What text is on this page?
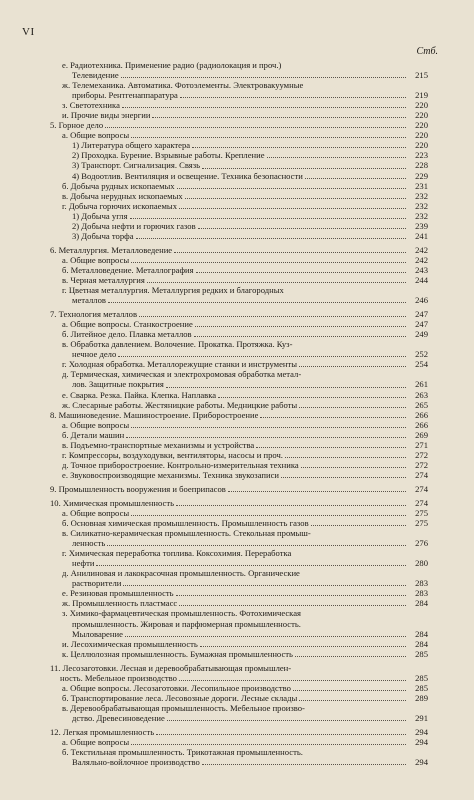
VI
Стб.
е. Радиотехника. Применение радио (радиолокация и проч.)
Телевидение	215
ж. Телемеханика. Автоматика. Фотоэлементы. Электровакуумные
приборы. Рентгенаппаратура	219
з. Светотехника	220
и. Прочие виды энергии	220
5. Горное дело	220
а. Общие вопросы	220
1) Литература общего характера	220
2) Проходка. Бурение. Взрывные работы. Крепление	223
3) Транспорт. Сигнализация. Связь	228
4) Водоотлив. Вентиляция и освещение. Техника безопасности	229
б. Добыча рудных ископаемых	231
в. Добыча нерудных ископаемых	232
г. Добыча горючих ископаемых	232
1) Добыча угля	232
2) Добыча нефти и горючих газов	239
3) Добыча торфа	241
6. Металлургия. Металловедение	242
а. Общие вопросы	242
б. Металловедение. Металлография	243
в. Черная металлургия	244
г. Цветная металлургия. Металлургия редких и благородных
металлов	246
7. Технология металлов	247
а. Общие вопросы. Станкостроение	247
б. Литейное дело. Плавка металлов	249
в. Обработка давлением. Волочение. Прокатка. Протяжка. Куз-
нечное дело	252
г. Холодная обработка. Металлорежущие станки и инструменты	254
д. Термическая, химическая и электрохромовая обработка метал-
лов. Защитные покрытия	261
е. Сварка. Резка. Пайка. Клепка. Наплавка	263
ж. Слесарные работы. Жестяницкие работы. Медницкие работы	265
8. Машиноведение. Машиностроение. Приборостроение	266
а. Общие вопросы	266
б. Детали машин	269
в. Подъемно-транспортные механизмы и устройства	271
г. Компрессоры, воздуходувки, вентиляторы, насосы и проч.	272
д. Точное приборостроение. Контрольно-измерительная техника	272
е. Звуковоспроизводящие механизмы. Техника звукозаписи	274
9. Промышленность вооружения и боеприпасов	274
10. Химическая промышленность	274
а. Общие вопросы	275
б. Основная химическая промышленность. Промышленность газов	275
в. Силикатно-керамическая промышленность. Стекольная промыш-
ленность	276
г. Химическая переработка топлива. Коксохимия. Переработка
нефти	280
д. Анилиновая и лакокрасочная промышленность. Органические
растворители	283
е. Резиновая промышленность	283
ж. Промышленность пластмасс	284
з. Химико-фармацевтическая промышленность. Фотохимическая
промышленность. Жировая и парфюмерная промышленность.
Мыловарение	284
и. Лесохимическая промышленность	284
к. Целлюлозная промышленность. Бумажная промышленность	285
11. Лесозаготовки. Лесная и деревообрабатывающая промышлен-
ность. Мебельное производство	285
а. Общие вопросы. Лесозаготовки. Лесопильное производство	285
б. Транспортирование леса. Лесовозные дороги. Лесные склады	289
в. Деревообрабатывающая промышленность. Мебельное произво-
дство. Древесиноведение	291
12. Легкая промышленность	294
а. Общие вопросы	294
б. Текстильная промышленность. Трикотажная промышленность.
Валяльно-войлочное производство	294
